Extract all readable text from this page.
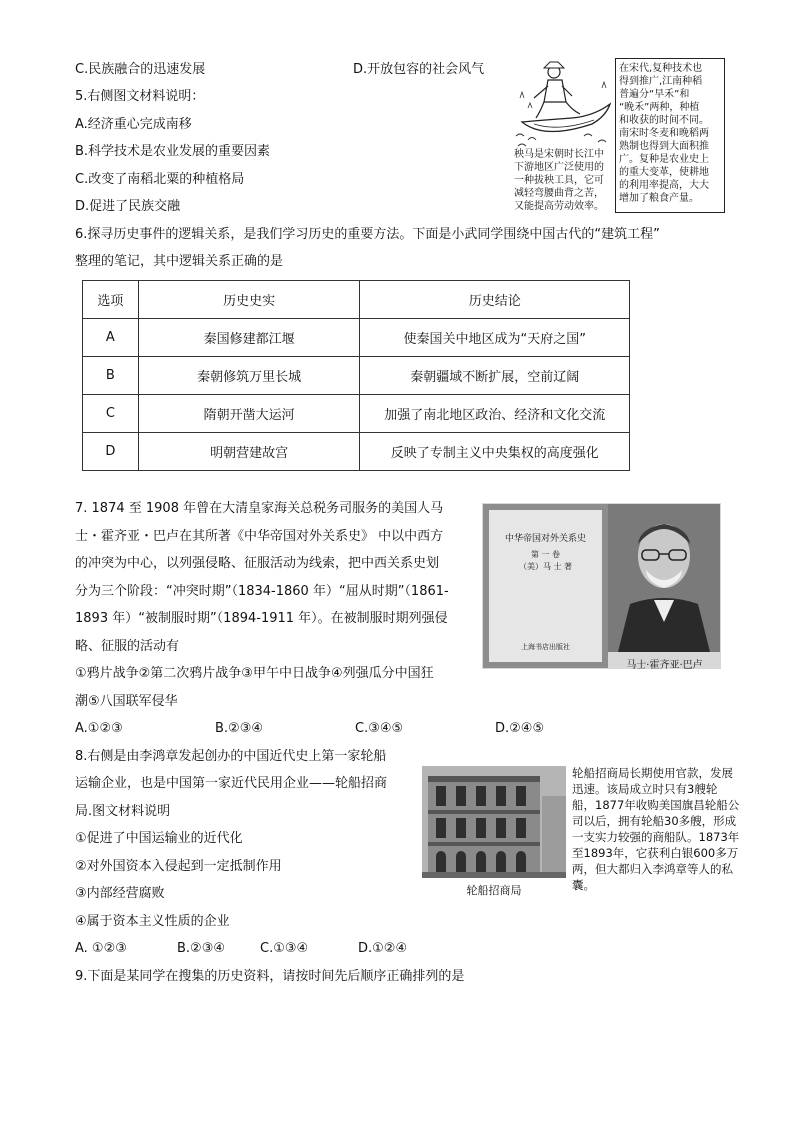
C.民族融合的迅速发展	D.开放包容的社会风气
5.右侧图文材料说明：
A.经济重心完成南移
B.科学技术是农业发展的重要因素
C.改变了南稻北粟的种植格局
D.促进了民族交融
秧马是宋朝时长江中
下游地区广泛使用的
一种拔秧工具，它可
减轻弯腰曲背之苦，
又能提高劳动效率。
在宋代,复种技术也
得到推广,江南种稻
普遍分“早禾”和
“晚禾”两种，种植
和收获的时间不同。
南宋时冬麦和晚稻两
熟制也得到大面积推
广。复种是农业史上
的重大变革，使耕地
的利用率提高，大大
增加了粮食产量。
6.探寻历史事件的逻辑关系，是我们学习历史的重要方法。下面是小武同学围绕中国古代的“建筑工程”
整理的笔记，其中逻辑关系正确的是
选项	历史史实	历史结论
A	秦国修建都江堰	使秦国关中地区成为“天府之国”
B	秦朝修筑万里长城	秦朝疆域不断扩展，空前辽阔
C	隋朝开凿大运河	加强了南北地区政治、经济和文化交流
D	明朝营建故宫	反映了专制主义中央集权的高度强化
7. 1874 至 1908 年曾在大清皇家海关总税务司服务的美国人马
士・霍齐亚・巴卢在其所著《中华帝国对外关系史》 中以中西方
的冲突为中心，以列强侵略、征服活动为线索，把中西关系史划
分为三个阶段：“冲突时期”（1834-1860 年）“屈从时期”（1861-
1893 年）“被制服时期”（1894-1911 年）。在被制服时期列强侵
略、征服的活动有
①鸦片战争②第二次鸦片战争③甲午中日战争④列强瓜分中国狂
潮⑤八国联军侵华
A.①②③	B.②③④	C.③④⑤	D.②④⑤
中华帝国对外关系史
第 一 卷
（美）马 士 著
上海书店出版社
马士·霍齐亚·巴卢
8.右侧是由李鸿章发起创办的中国近代史上第一家轮船
运输企业，也是中国第一家近代民用企业——轮船招商
局.图文材料说明
①促进了中国运输业的近代化
②对外国资本入侵起到一定抵制作用
③内部经营腐败
④属于资本主义性质的企业
A. ①②③	B.②③④	C.①③④	D.①②④
轮船招商局
轮船招商局长期使用官款，发展迅速。该局成立时只有3艘轮船，1877年收购美国旗昌轮船公司以后，拥有轮船30多艘，形成一支实力较强的商船队。1873年至1893年，它获利白银600多万两，但大都归入李鸿章等人的私囊。
9.下面是某同学在搜集的历史资料，请按时间先后顺序正确排列的是
